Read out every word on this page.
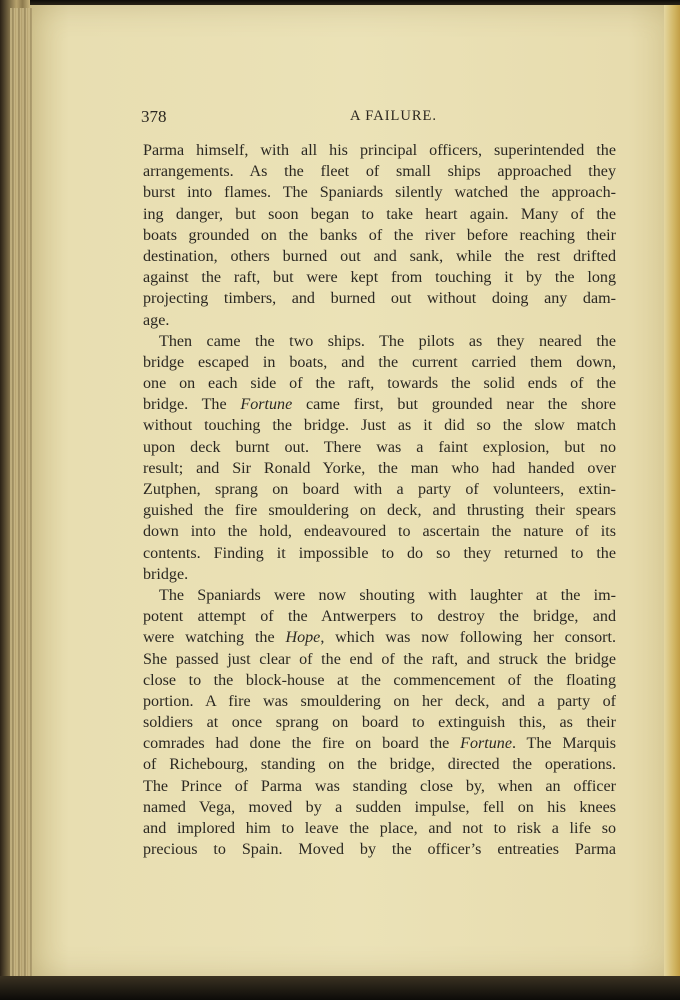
378	A FAILURE.
Parma himself, with all his principal officers, superintended the
arrangements. As the fleet of small ships approached they
burst into flames. The Spaniards silently watched the approach-
ing danger, but soon began to take heart again. Many of the
boats grounded on the banks of the river before reaching their
destination, others burned out and sank, while the rest drifted
against the raft, but were kept from touching it by the long
projecting timbers, and burned out without doing any dam-
age.
Then came the two ships. The pilots as they neared the
bridge escaped in boats, and the current carried them down,
one on each side of the raft, towards the solid ends of the
bridge. The Fortune came first, but grounded near the shore
without touching the bridge. Just as it did so the slow match
upon deck burnt out. There was a faint explosion, but no
result; and Sir Ronald Yorke, the man who had handed over
Zutphen, sprang on board with a party of volunteers, extin-
guished the fire smouldering on deck, and thrusting their spears
down into the hold, endeavoured to ascertain the nature of its
contents. Finding it impossible to do so they returned to the
bridge.
The Spaniards were now shouting with laughter at the im-
potent attempt of the Antwerpers to destroy the bridge, and
were watching the Hope, which was now following her consort.
She passed just clear of the end of the raft, and struck the bridge
close to the block-house at the commencement of the floating
portion. A fire was smouldering on her deck, and a party of
soldiers at once sprang on board to extinguish this, as their
comrades had done the fire on board the Fortune. The Marquis
of Richebourg, standing on the bridge, directed the operations.
The Prince of Parma was standing close by, when an officer
named Vega, moved by a sudden impulse, fell on his knees
and implored him to leave the place, and not to risk a life so
precious to Spain. Moved by the officer’s entreaties Parma
